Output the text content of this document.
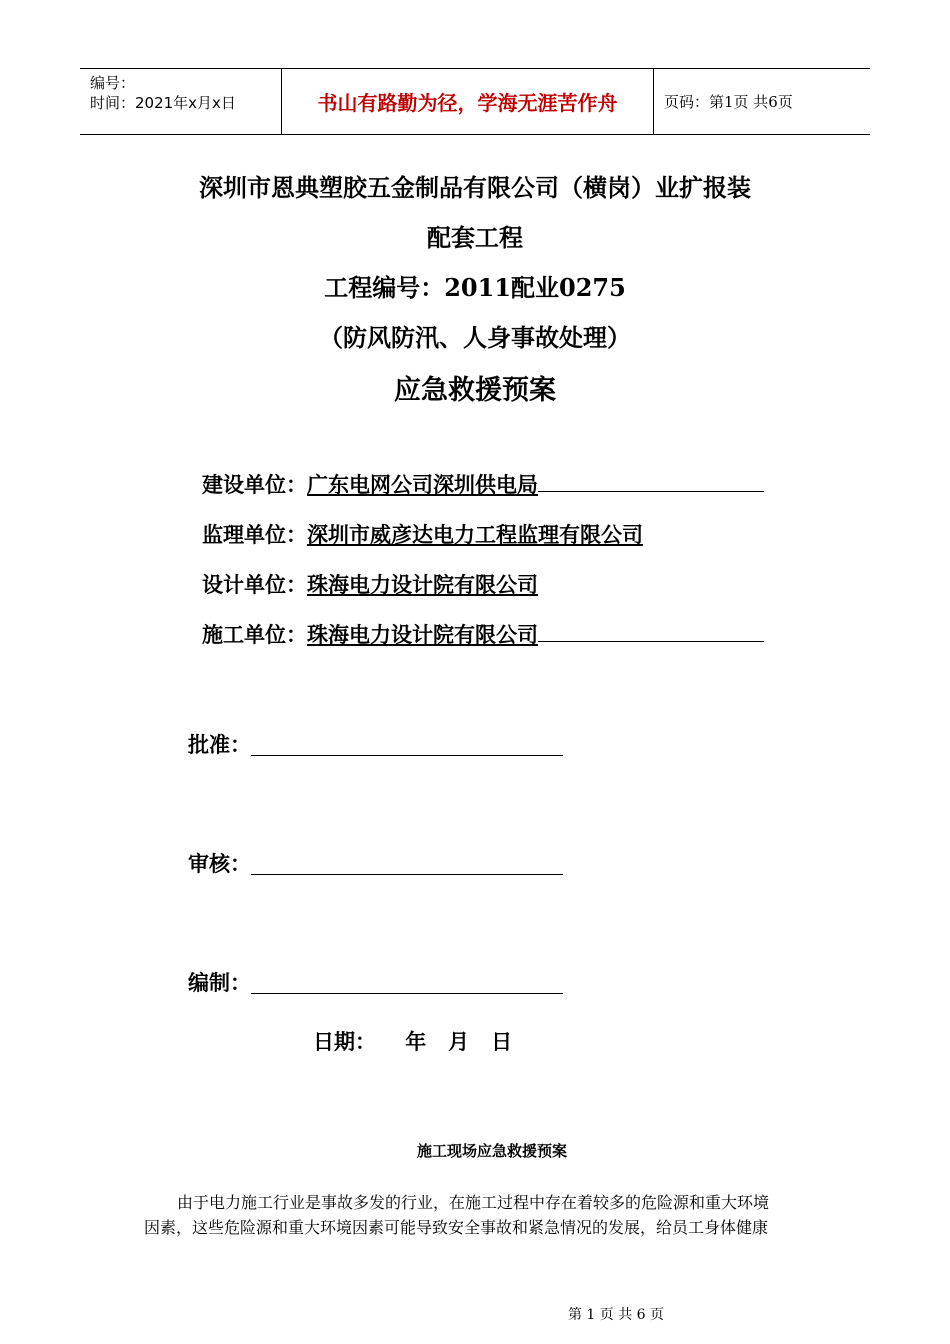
编号：
时间：2021年x月x日	书山有路勤为径，学海无涯苦作舟	页码：第1页 共6页
深圳市恩典塑胶五金制品有限公司（横岗）业扩报装
配套工程
工程编号：2011配业0275
（防风防汛、人身事故处理）
应急救援预案
建设单位：广东电网公司深圳供电局
监理单位：深圳市威彦达电力工程监理有限公司
设计单位：珠海电力设计院有限公司
施工单位：珠海电力设计院有限公司
批准：
审核：
编制：
日期：    年   月   日
施工现场应急救援预案
由于电力施工行业是事故多发的行业，在施工过程中存在着较多的危险源和重大环境
因素，这些危险源和重大环境因素可能导致安全事故和紧急情况的发展，给员工身体健康
第 1 页 共 6 页
